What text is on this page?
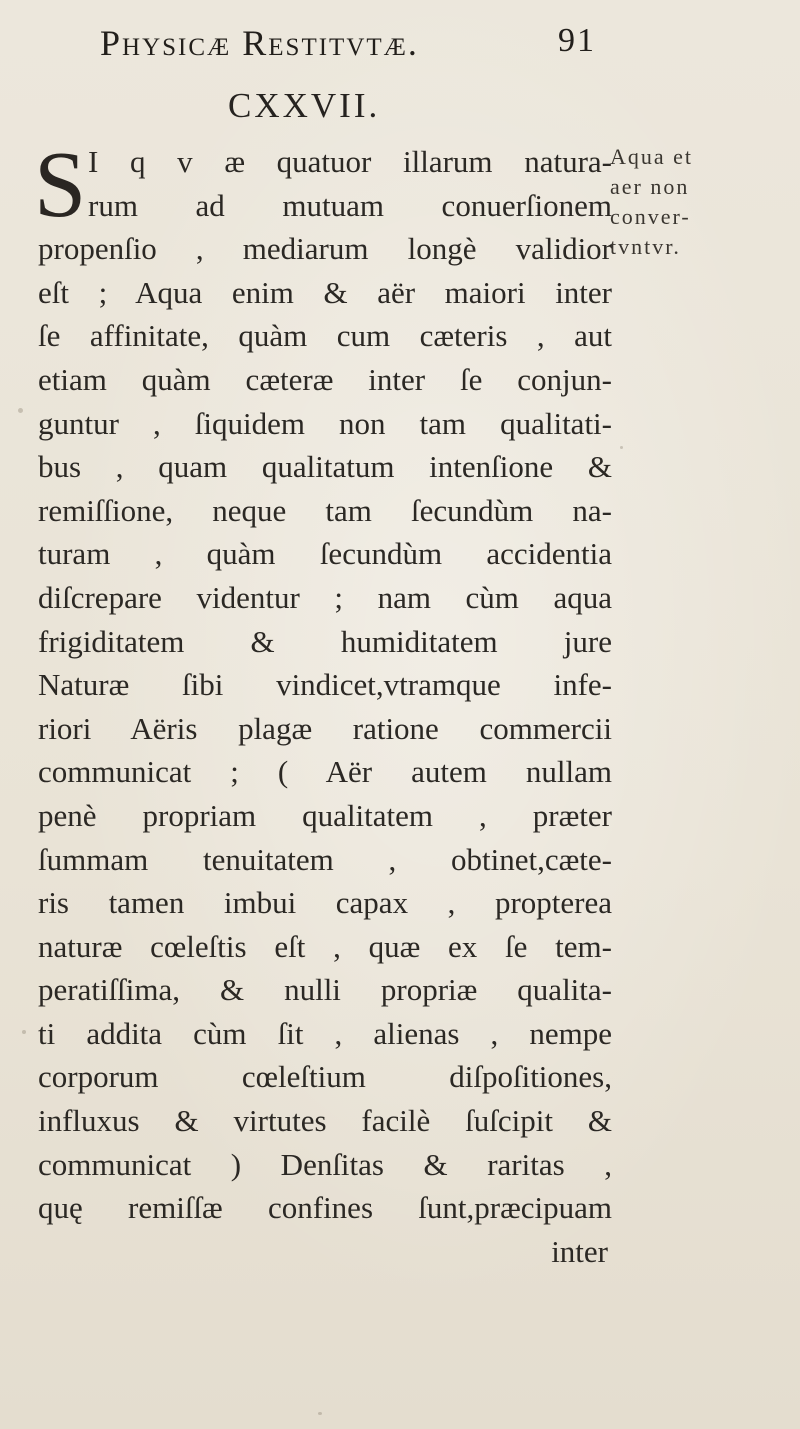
Physicæ Restitvtæ.	91
CXXVII.
S I q v æ quatuor illarum natura-
rum ad mutuam conuerſionem
propenſio , mediarum longè validior
eſt ; Aqua enim & aër maiori inter
ſe affinitate, quàm cum cæteris , aut
etiam quàm cæteræ inter ſe conjun-
guntur , ſiquidem non tam qualitati-
bus , quam qualitatum intenſione &
remiſſione, neque tam ſecundùm na-
turam , quàm ſecundùm accidentia
diſcrepare videntur ; nam cùm aqua
frigiditatem & humiditatem jure
Naturæ ſibi vindicet,vtramque infe-
riori Aëris plagæ ratione commercii
communicat ; ( Aër autem nullam
penè propriam qualitatem , præter
ſummam tenuitatem , obtinet,cæte-
ris tamen imbui capax , propterea
naturæ cœleſtis eſt , quæ ex ſe tem-
peratiſſima, & nulli propriæ qualita-
ti addita cùm ſit , alienas , nempe
corporum cœleſtium diſpoſitiones,
influxus & virtutes facilè ſuſcipit &
communicat ) Denſitas & raritas ,
quę remiſſæ confines ſunt,præcipuam
inter
Aqua et
aer non
conver-
tvntvr.
